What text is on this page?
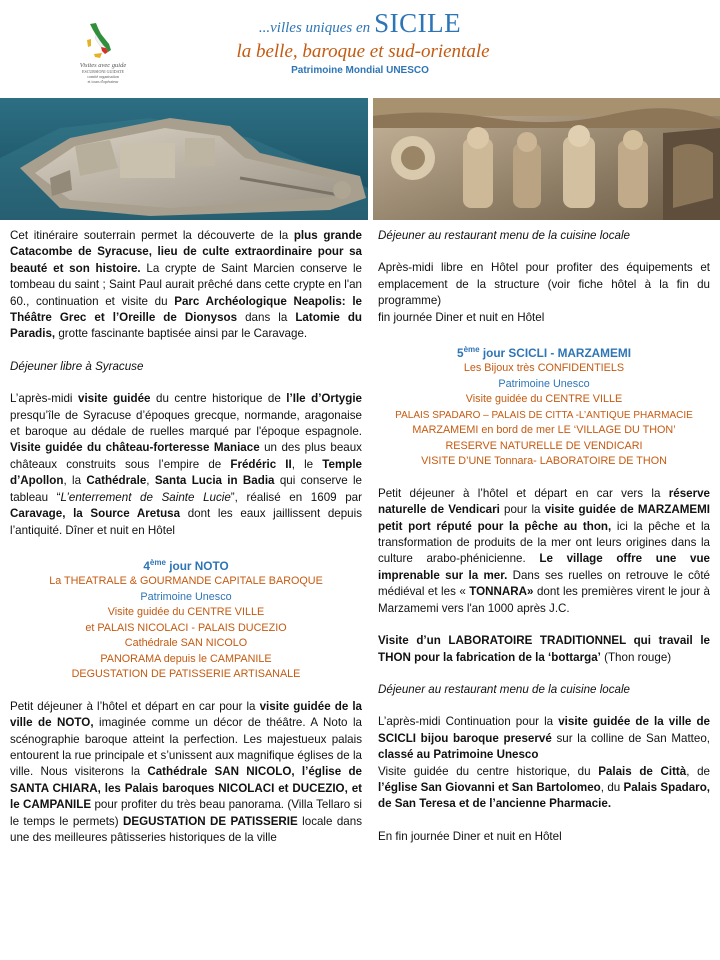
Visites avec guide
ESCURSIONI GUIDATE
comité organisation
et tours d'opérateur
...villes uniques en SICILE
la belle, baroque et sud-orientale
Patrimoine Mondial UNESCO

Cet itinéraire souterrain permet la découverte de la plus grande Catacombe de Syracuse, lieu de culte extraordinaire pour sa beauté et son histoire. La crypte de Saint Marcien conserve le tombeau du saint ; Saint Paul aurait prêché dans cette crypte en l'an 60., continuation et visite du Parc Archéologique Neapolis: le Théâtre Grec et l’Oreille de Dionysos dans la Latomie du Paradis, grotte fascinante baptisée ainsi par le Caravage.

Déjeuner libre à Syracuse

L’après-midi visite guidée du centre historique de l’Ile d’Ortygie presqu’île de Syracuse d’époques grecque, normande, aragonaise et baroque au dédale de ruelles marqué par l'époque espagnole. Visite guidée du château-forteresse Maniace un des plus beaux châteaux construits sous l’empire de Frédéric II, le Temple d’Apollon, la Cathédrale, Santa Lucia in Badia qui conserve le tableau “L’enterrement de Sainte Lucie”, réalisé en 1609 par Caravage, la Source Aretusa dont les eaux jaillissent depuis l’antiquité. Dîner et nuit en Hôtel

4ème jour NOTO
La THEATRALE & GOURMANDE CAPITALE BAROQUE
Patrimoine Unesco
Visite guidée du CENTRE VILLE
et PALAIS NICOLACI - PALAIS DUCEZIO
Cathédrale SAN NICOLO
PANORAMA depuis le CAMPANILE
DEGUSTATION DE PATISSERIE ARTISANALE

Petit déjeuner à l’hôtel et départ en car pour la visite guidée de la ville de NOTO, imaginée comme un décor de théâtre. A Noto la scénographie baroque atteint la perfection. Les majestueux palais entourent la rue principale et s’unissent aux magnifique églises de la ville. Nous visiterons la Cathédrale SAN NICOLO, l’église de SANTA CHIARA, les Palais baroques NICOLACI et DUCEZIO, et le CAMPANILE pour profiter du très beau panorama. (Villa Tellaro si le temps le permets) DEGUSTATION DE PATISSERIE locale dans une des meilleures pâtisseries historiques de la ville

Déjeuner au restaurant menu de la cuisine locale

Après-midi libre en Hôtel pour profiter des équipements et emplacement de la structure (voir fiche hôtel à la fin du programme)

fin journée Diner et nuit en Hôtel

5ème jour SCICLI - MARZAMEMI
Les Bijoux très CONFIDENTIELS
Patrimoine Unesco
Visite guidée du CENTRE VILLE
PALAIS SPADARO – PALAIS DE CITTA -L’ANTIQUE PHARMACIE
MARZAMEMI en bord de mer LE ‘VILLAGE DU THON’
RESERVE NATURELLE DE VENDICARI
VISITE D’UNE Tonnara- LABORATOIRE DE THON

Petit déjeuner à l’hôtel et départ en car vers la réserve naturelle de Vendicari pour la visite guidée de MARZAMEMI petit port réputé pour la pêche au thon, ici la pêche et la transformation de produits de la mer ont leurs origines dans la culture arabo-phénicienne. Le village offre une vue imprenable sur la mer. Dans ses ruelles on retrouve le côté médiéval et les « TONNARA» dont les premières virent le jour à Marzamemi vers l'an 1000 après J.C.

Visite d’un LABORATOIRE TRADITIONNEL qui travail le THON pour la fabrication de la ‘bottarga’ (Thon rouge)

Déjeuner au restaurant menu de la cuisine locale

L’après-midi Continuation pour la visite guidée de la ville de SCICLI bijou baroque preservé sur la colline de San Matteo, classé au Patrimoine Unesco
Visite guidée du centre historique, du Palais de Città, de l’église San Giovanni et San Bartolomeo, du Palais Spadaro, de San Teresa et de l’ancienne Pharmacie.

En fin journée Diner et nuit en Hôtel
